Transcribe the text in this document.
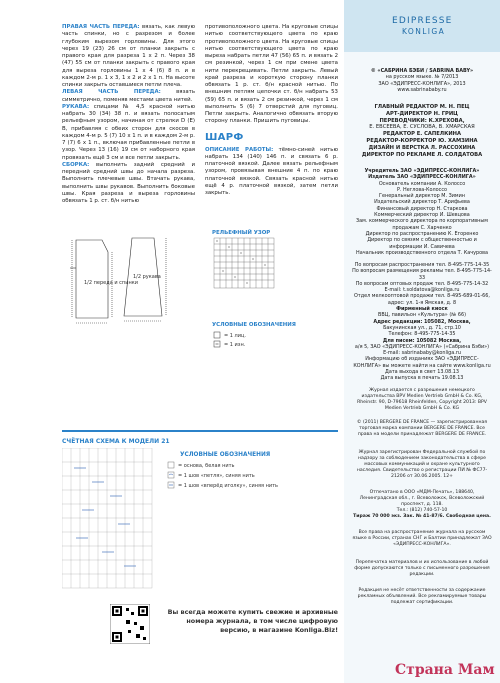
ПРАВАЯ ЧАСТЬ ПЕРЕДА: вязать, как левую часть спинки, но с разрезом и более глубоким вырезом горловины. Для этого через 19 (23) 26 см от планки закрыть с правого края для разреза 1 x 2 п. Через 38 (47) 55 см от планки закрыть с правого края для выреза горловины 1 x 4 (6) 8 п. и в каждом 2-м р. 1 x 3, 1 x 2 и 2 x 1 п. На высоте спинки закрыть оставшиеся петли плеча.

ЛЕВАЯ ЧАСТЬ ПЕРЕДА: вязать симметрично, поменяв местами цвета нитей.

РУКАВА: спицами № 4,5 красной нитью набрать 30 (34) 38 п. и вязать полосатым рельефным узором, начиная от стрелки D (E) B, прибавляя с обеих сторон для скосов в каждом 4-м р. 5 (7) 10 x 1 п. и в каждом 2-м р. 7 (7) 6 x 1 п., включая прибавленные петли в узор. Через 13 (16) 19 см от наборного края провязать ещё 3 см и все петли закрыть.

СБОРКА: выполнить задний средний и передний средний швы до начала разреза. Выполнить плечевые швы. Втачать рукава, выполнить швы рукавов. Выполнить боковые швы. Края разреза и выреза горловины обвязать 1 р. ст. б/н нитью

противоположного цвета. На круговые спицы нитью соответствующего цвета по краю противоположного цвета. На круговые спицы нитью соответствующего цвета по краю выреза набрать петли 47 (56) 65 п. и вязать 2 см резинкой, через 1 см при смене цвета нити перекрещивать. Петли закрыть. Левый край разреза и короткую сторону планки обвязать 1 р. ст. б/н красной нитью. По внешним петлям цепочки ст. б/н набрать 53 (59) 65 п. и вязать 2 см резинкой, через 1 см выполнить 5 (6) 7 отверстий для пуговиц. Петли закрыть. Аналогично обвязать вторую сторону планки. Пришить пуговицы.

ШАРФ

ОПИСАНИЕ РАБОТЫ: тёмно-синей нитью набрать 134 (140) 146 п. и связать 6 р. платочной вязкой. Далее вязать рельефным узором, провязывая внешние 4 п. по краю платочной вязкой. Связать красной нитью ещё 4 р. платочной вязкой, затем петли закрыть.

1/2 переда и спинки
1/2 рукава
РЕЛЬЕФНЫЙ УЗОР
УСЛОВНЫЕ ОБОЗНАЧЕНИЯ
= 1 лиц.
= 1 изн.
СЧЁТНАЯ СХЕМА К МОДЕЛИ 21
УСЛОВНЫЕ ОБОЗНАЧЕНИЯ
= основа, белая нить
= 1 шов «петля», синяя нить
= 1 шов «вперёд иголку», синяя нить
Вы всегда можете купить свежие и архивные номера журнала, в том числе цифровую версию, в магазине Konliga.Biz!
EDIPRESSE
KONLIGA
© «САБРИНА БЭБИ / SABRINA BABY»
на русском языке. № 7/2013
ЗАО «ЭДИПРЕСС-КОНЛИГА», 2013
www.sabrinababy.ru
ГЛАВНЫЙ РЕДАКТОР М. Н. ПЕЦ
АРТ-ДИРЕКТОР Н. ГРИЦ
ПЕРЕВОДЧИКИ: К.ХРЕХОВА,
Е. ЕВСЕЕВА, Е. СУСЛОВА, В. ХМАРСКАЯ
РЕДАКТОР Е. САПЕЛКИНА
РЕДАКТОР-КОРРЕКТОР Ю. ХАМЗИНА
ДИЗАЙН И ВЕРСТКА Л. РАССОХИНА
ДИРЕКТОР ПО РЕКЛАМЕ Л. СОЛДАТОВА
Учредитель ЗАО «ЭДИПРЕСС-КОНЛИГА»
Издатель ЗАО «ЭДИПРЕСС-КОНЛИГА»
Основатель компании А. Колоссо
Р. Неглова-Колоссо
Генеральный директор М. Зимин
Издательский директор Т. Арифьева
Финансовый директор Н. Старкова
Коммерческий директор И. Шевцова
Зам. коммерческого директора по корпоративным продажам С. Харченко
Директор по распространению К. Егоренко
Директор по связям с общественностью и информации И. Савичева
Начальник производственного отдела Т. Качурова
По вопросам распространения тел. 8-495-775-14-35
По вопросам размещения рекламы тел. 8-495-775-14-33
По вопросам оптовых продаж тел. 8-495-775-14-32
E-mail: t.soldatova@konliga.ru
Отдел мелкооптовой продажи тел. 8-495-689-01-66, адрес: ул. 1-я Ямская, д. 8
Фирменный киоск
ВВЦ, павильон «Культура» (№ 66)
Адрес редакции: 105082, Москва,
Бакунинская ул., д. 71, стр.10
Телефон: 8-495-775-14-35
Для писем: 105082 Москва,
а/я 5, ЗАО «ЭДИПРЕСС-КОНЛИГА» («Сабрина Бэби»)
E-mail: sabrinababy@konliga.ru
Информацию об изданиях ЗАО «ЭДИПРЕСС-КОНЛИГА» вы можете найти на сайте www.konliga.ru
Дата выхода в свет 13.08.13
Дата выпуска в печать 19.08.13
Журнал издается с разрешения немецкого издательства BPV Medien Vertrieb GmbH & Co. KG, Rheinstr. 90, D-79618 Rheinfelden, Copyright 2013: BPV Medien Vertrieb GmbH & Co. KG
© (2011) BERGERE DE FRANCE — зарегистрированная торговая марка компании BERGERE DE FRANCE. Все права на модели принадлежат BERGERE DE FRANCE.
Журнал зарегистрирован Федеральной службой по надзору за соблюдением законодательства в сфере массовых коммуникаций и охране культурного наследия. Свидетельство о регистрации ПИ № ФС77-21206 от 30.06.2005. 12+
Отпечатано в ООО «МДМ-Печать», 188640, Ленинградская обл., г. Всеволожск, Всеволожский проспект, д. 118.
Тел.: (812) 740-57-10
Тираж 70 000 экз. Зак. № 41-87/6. Свободная цена.
Все права на распространение журнала на русском языке в России, странах СНГ и Балтии принадлежат ЗАО «ЭДИПРЕСС-КОНЛИГА».
Перепечатка материалов и их использование в любой форме допускаются только с письменного разрешения редакции.
Редакция не несёт ответственности за содержание рекламных объявлений. Все рекламируемые товары подлежат сертификации.
Страна Мам
